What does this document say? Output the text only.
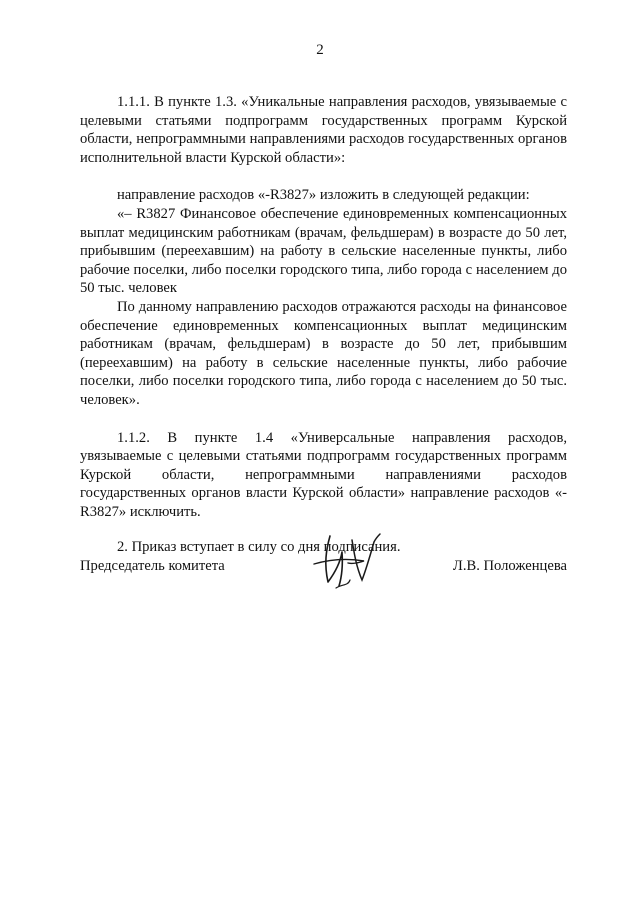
2

1.1.1. В пункте 1.3. «Уникальные направления расходов, увязываемые с целевыми статьями подпрограмм государственных программ Курской области, непрограммными направлениями расходов государственных органов исполнительной власти Курской области»:

направление расходов «-R3827» изложить в следующей редакции:

«– R3827 Финансовое обеспечение единовременных компенсационных выплат медицинским работникам (врачам, фельдшерам) в возрасте до 50 лет, прибывшим (переехавшим) на работу в сельские населенные пункты, либо рабочие поселки, либо поселки городского типа, либо города с населением до 50 тыс. человек

По данному направлению расходов отражаются расходы на финансовое обеспечение единовременных компенсационных выплат медицинским работникам (врачам, фельдшерам) в возрасте до 50 лет, прибывшим (переехавшим) на работу в сельские населенные пункты, либо рабочие поселки, либо поселки городского типа, либо города с населением до 50 тыс. человек».

1.1.2. В пункте 1.4 «Универсальные направления расходов, увязываемые с целевыми статьями подпрограмм государственных программ Курской области, непрограммными направлениями расходов государственных органов власти Курской области» направление расходов «-R3827» исключить.

2. Приказ вступает в силу со дня подписания.

Председатель комитета	Л.В. Положенцева
